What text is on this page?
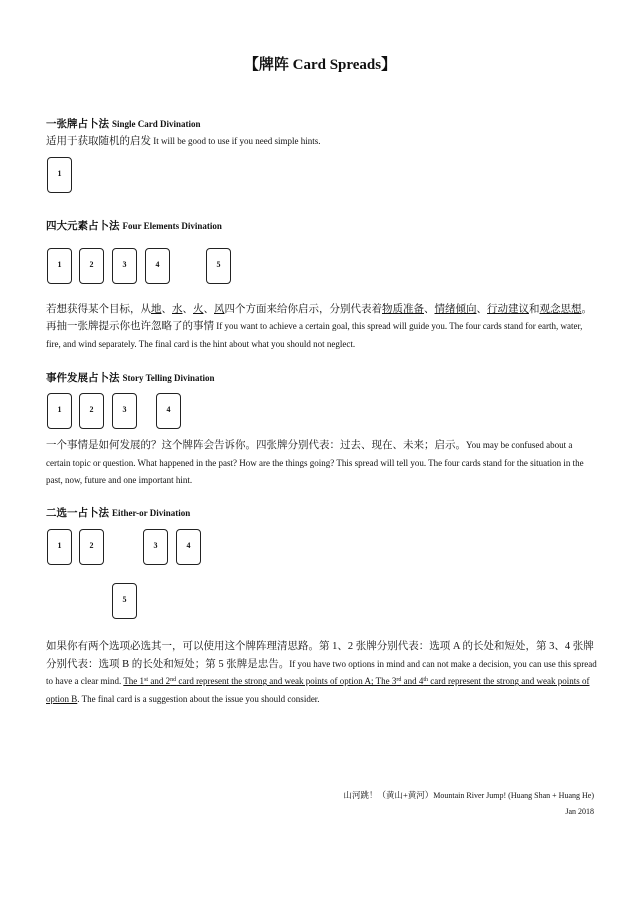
【牌阵 Card Spreads】
一张牌占卜法 Single Card Divination
适用于获取随机的启发 It will be good to use if you need simple hints.
1
四大元素占卜法 Four Elements Divination
1	2	3	4	5
若想获得某个目标，从地、水、火、风四个方面来给你启示，分别代表着物质准备、情绪倾向、行动建议和观念思想。
再抽一张牌提示你也许忽略了的事情 If you want to achieve a certain goal, this spread will guide you. The four cards stand for earth, water, fire, and wind separately. The final card is the hint about what you should not neglect.
事件发展占卜法 Story Telling Divination
1	2	3	4
一个事情是如何发展的？这个牌阵会告诉你。四张牌分别代表：过去、现在、未来；启示。You may be confused about a certain topic or question. What happened in the past? How are the things going? This spread will tell you. The four cards stand for the situation in the past, now, future and one important hint.
二选一占卜法 Either-or Divination
1	2	3	4
5
如果你有两个选项必选其一，可以使用这个牌阵理清思路。第 1、2 张牌分别代表：选项 A 的长处和短处，第 3、4 张牌分别代表：选项 B 的长处和短处；第 5 张牌是忠告。If you have two options in mind and can not make a decision, you can use this spread to have a clear mind. The 1st and 2nd card represent the strong and weak points of option A; The 3rd and 4th card represent the strong and weak points of option B. The final card is a suggestion about the issue you should consider.
山河跳！（黄山+黄河）Mountain River Jump! (Huang Shan + Huang He)
Jan 2018
